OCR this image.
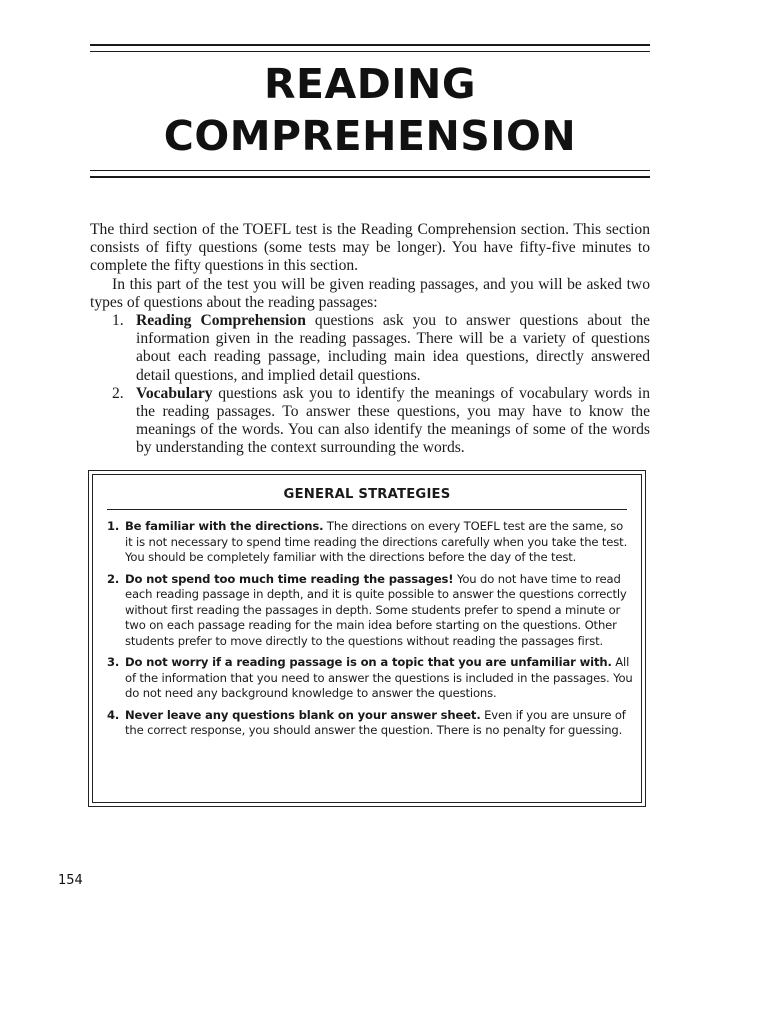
READING
COMPREHENSION

The third section of the TOEFL test is the Reading Comprehension section. This section consists of fifty questions (some tests may be longer). You have fifty-five minutes to complete the fifty questions in this section.

In this part of the test you will be given reading passages, and you will be asked two types of questions about the reading passages:

1. Reading Comprehension questions ask you to answer questions about the information given in the reading passages. There will be a variety of questions about each reading passage, including main idea questions, directly answered detail questions, and implied detail questions.
2. Vocabulary questions ask you to identify the meanings of vocabulary words in the reading passages. To answer these questions, you may have to know the meanings of the words. You can also identify the meanings of some of the words by understanding the context surrounding the words.
GENERAL STRATEGIES
1. Be familiar with the directions. The directions on every TOEFL test are the same, so it is not necessary to spend time reading the directions carefully when you take the test. You should be completely familiar with the directions before the day of the test.
2. Do not spend too much time reading the passages! You do not have time to read each reading passage in depth, and it is quite possible to answer the questions correctly without first reading the passages in depth. Some students prefer to spend a minute or two on each passage reading for the main idea before starting on the questions. Other students prefer to move directly to the questions without reading the passages first.
3. Do not worry if a reading passage is on a topic that you are unfamiliar with. All of the information that you need to answer the questions is included in the passages. You do not need any background knowledge to answer the questions.
4. Never leave any questions blank on your answer sheet. Even if you are unsure of the correct response, you should answer the question. There is no penalty for guessing.
154
